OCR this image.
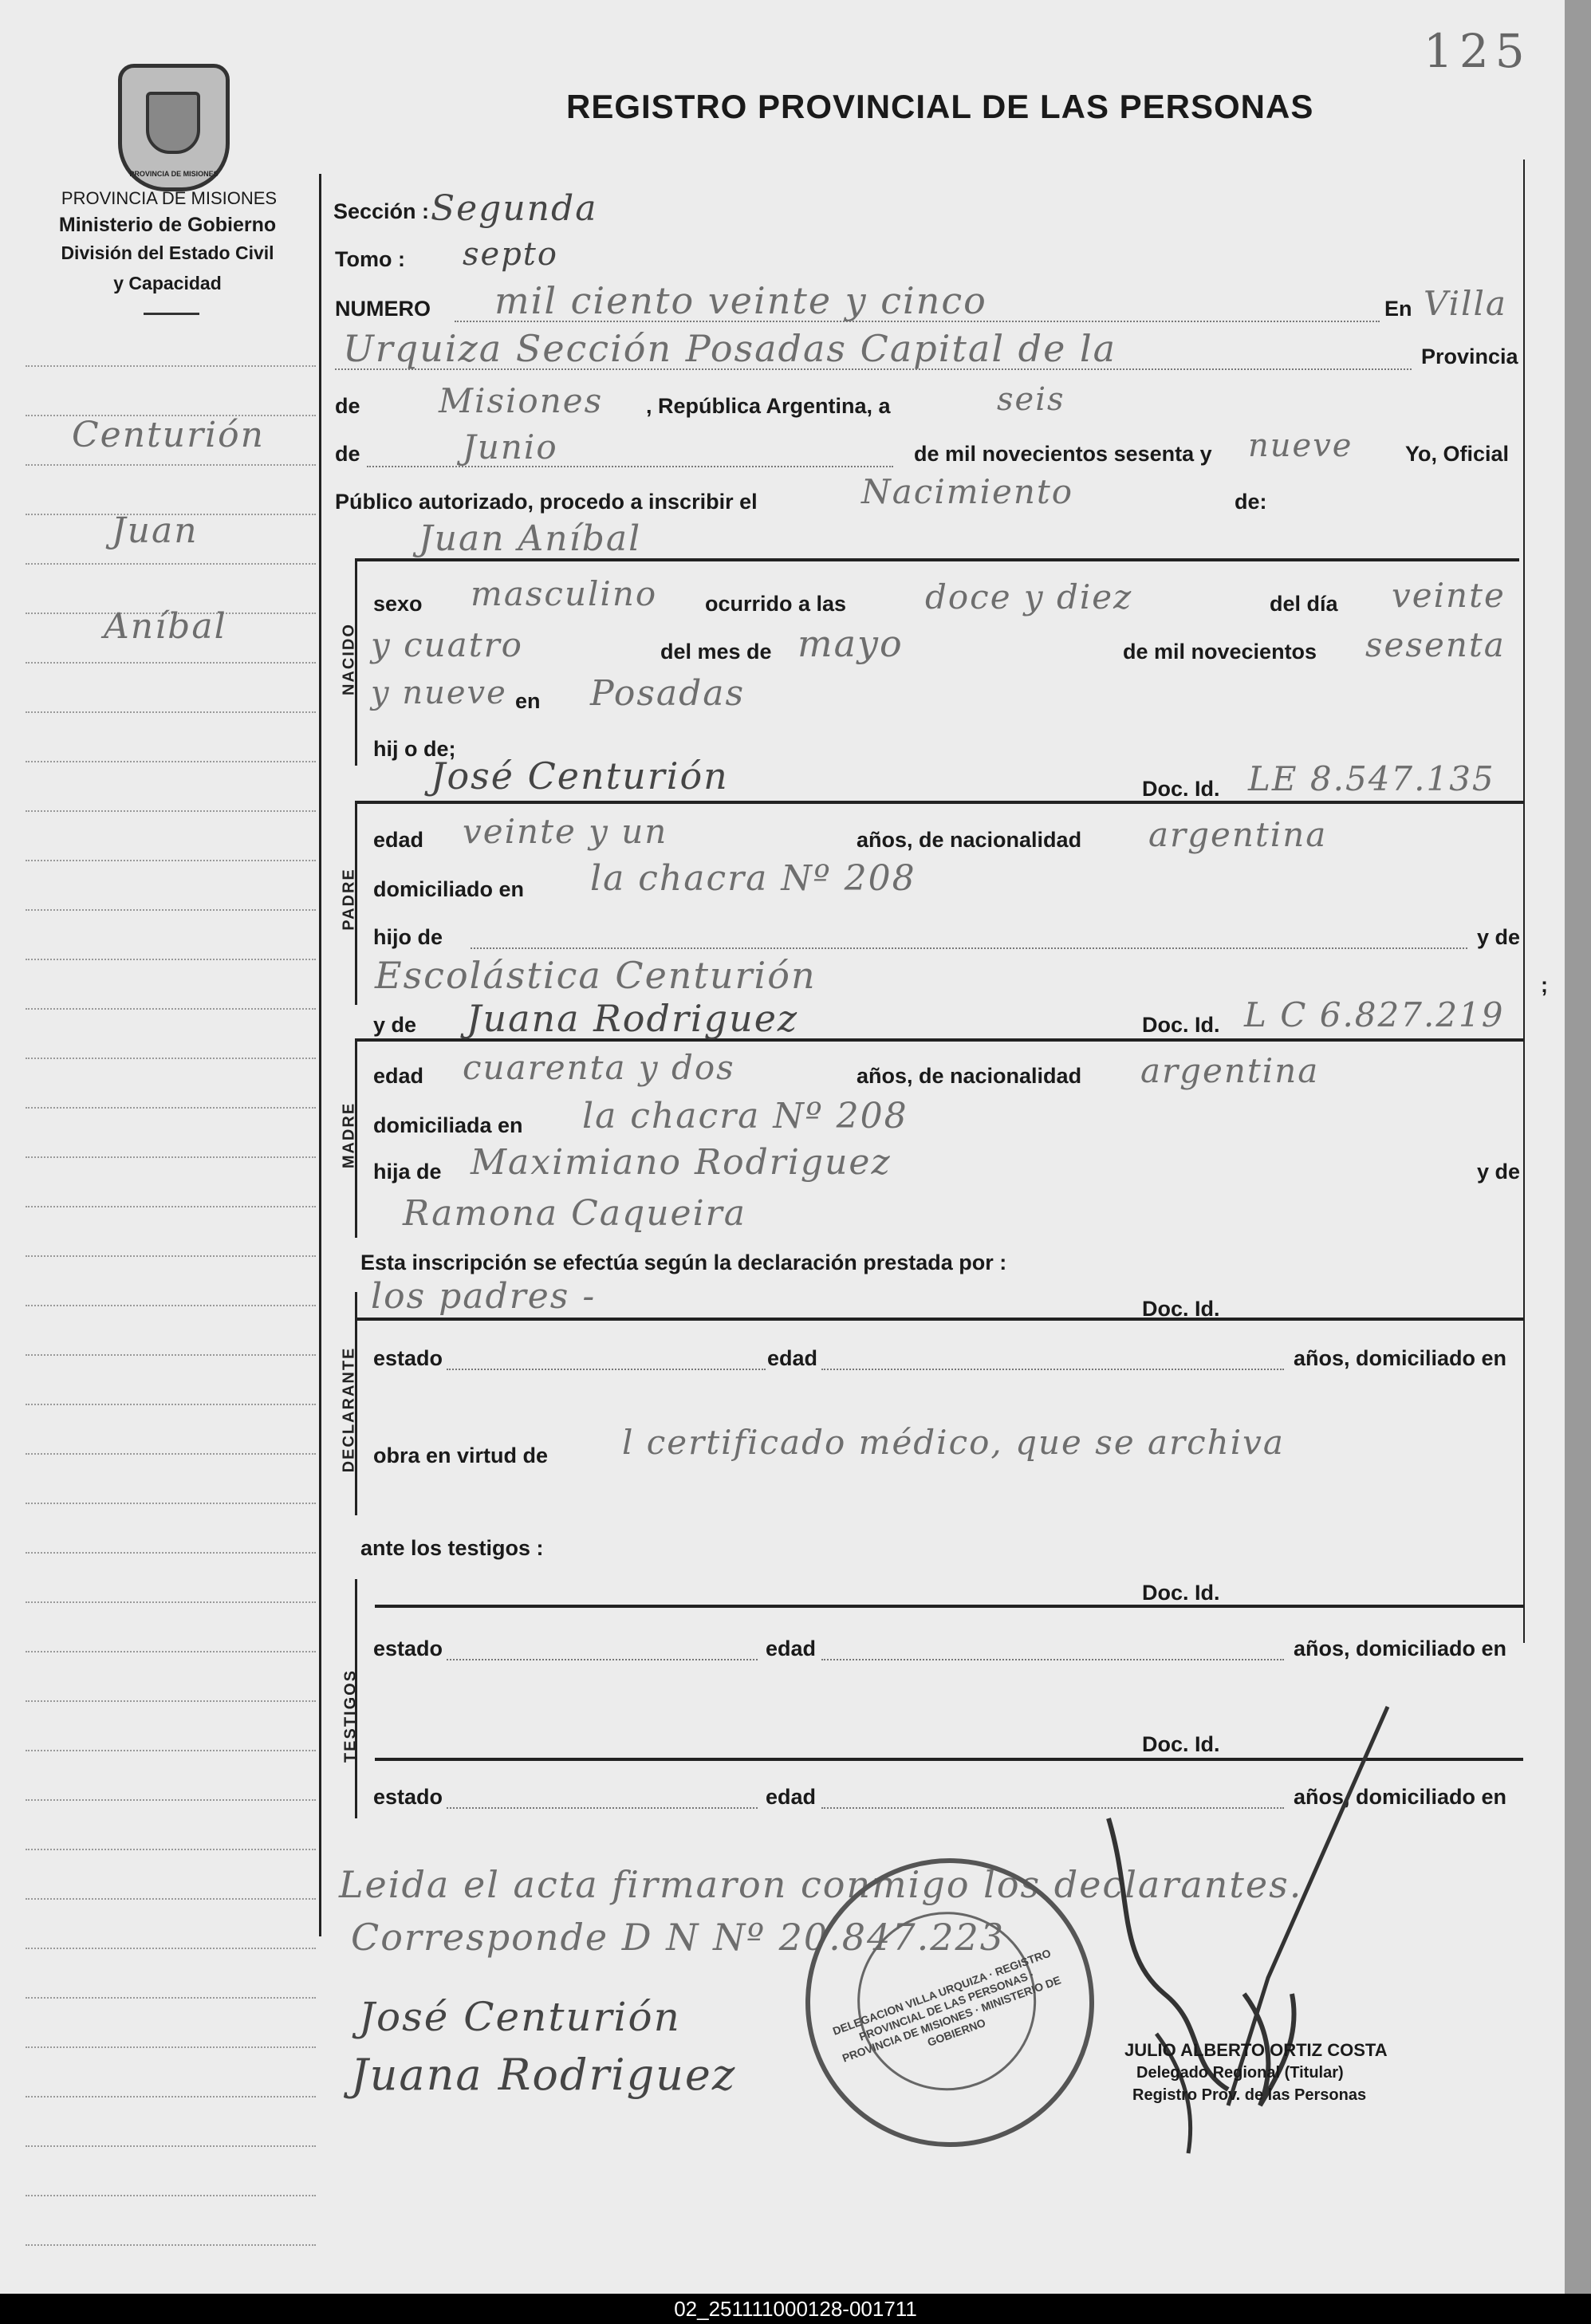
125
PROVINCIA DE MISIONES
PROVINCIA DE MISIONES
Ministerio de Gobierno
División del Estado Civil
y Capacidad
REGISTRO PROVINCIAL DE LAS PERSONAS
Centurión
Juan
Aníbal
Sección : Segunda
Tomo : septo
NUMERO mil ciento veinte y cinco	En Villa
Urquiza Sección Posadas Capital de la	Provincia
de Misiones , República Argentina, a	seis
de	Junio	de mil novecientos sesenta y nueve Yo, Oficial
Público autorizado, procedo a inscribir el	Nacimiento	de:
Juan Aníbal
NACIDO
sexo masculino ocurrido a las doce y diez	del día veinte
y cuatro	del mes de mayo	de mil novecientos sesenta
y nueve en Posadas
hij o de;
PADRE
José Centurión	Doc. Id. LE 8.547.135
edad veinte y un	años, de nacionalidad argentina
domiciliado en la chacra Nº 208
hijo de	y de
Escolástica Centurión	;
MADRE
y de Juana Rodriguez	Doc. Id. L C 6.827.219
edad cuarenta y dos	años, de nacionalidad argentina
domiciliada en la chacra Nº 208
hija de Maximiano Rodriguez	y de
Ramona Caqueira
Esta inscripción se efectúa según la declaración prestada por :
DECLARANTE
los padres -	Doc. Id.
estado	edad	años, domiciliado en
obra en virtud de l certificado médico, que se archiva
ante los testigos :
TESTIGOS
Doc. Id.
estado	edad	años, domiciliado en
Doc. Id.
estado	edad	años, domiciliado en
Leida el acta firmaron conmigo los declarantes.
Corresponde D N Nº 20.847.223
DELEGACION VILLA URQUIZA · REGISTRO PROVINCIAL DE LAS PERSONAS · PROVINCIA DE MISIONES · MINISTERIO DE GOBIERNO
José Centurión
Juana Rodriguez	JULIO ALBERTO ORTIZ COSTA
Delegado Regional (Titular)
Registro Prov. de las Personas
02_251111000128-001711
